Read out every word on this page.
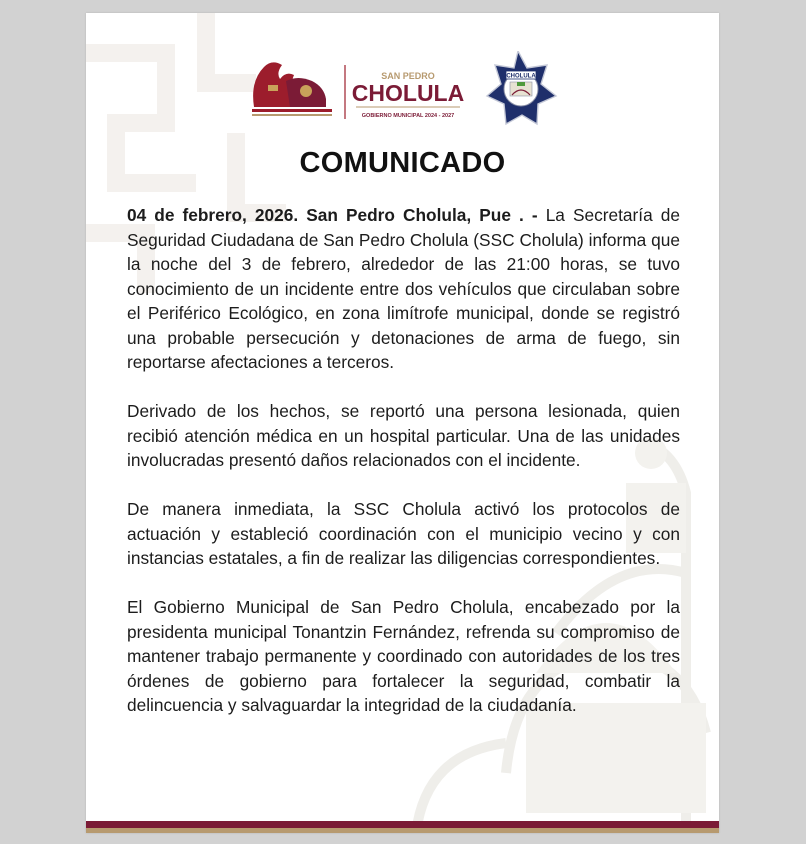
SAN PEDRO
CHOLULA
GOBIERNO MUNICIPAL 2024 - 2027
CHOLULA
COMUNICADO

04 de febrero, 2026. San Pedro Cholula, Pue . - La Secretaría de Seguridad Ciudadana de San Pedro Cholula (SSC Cholula) informa que la noche del 3 de febrero, alrededor de las 21:00 horas, se tuvo conocimiento de un incidente entre dos vehículos que circulaban sobre el Periférico Ecológico, en zona limítrofe municipal, donde se registró una probable persecución y detonaciones de arma de fuego, sin reportarse afectaciones a terceros.

Derivado de los hechos, se reportó una persona lesionada, quien recibió atención médica en un hospital particular. Una de las unidades involucradas presentó daños relacionados con el incidente.

De manera inmediata, la SSC Cholula activó los protocolos de actuación y estableció coordinación con el municipio vecino y con instancias estatales, a fin de realizar las diligencias correspondientes.

El Gobierno Municipal de San Pedro Cholula, encabezado por la presidenta municipal Tonantzin Fernández, refrenda su compromiso de mantener trabajo permanente y coordinado con autoridades de los tres órdenes de gobierno para fortalecer la seguridad, combatir la delincuencia y salvaguardar la integridad de la ciudadanía.
